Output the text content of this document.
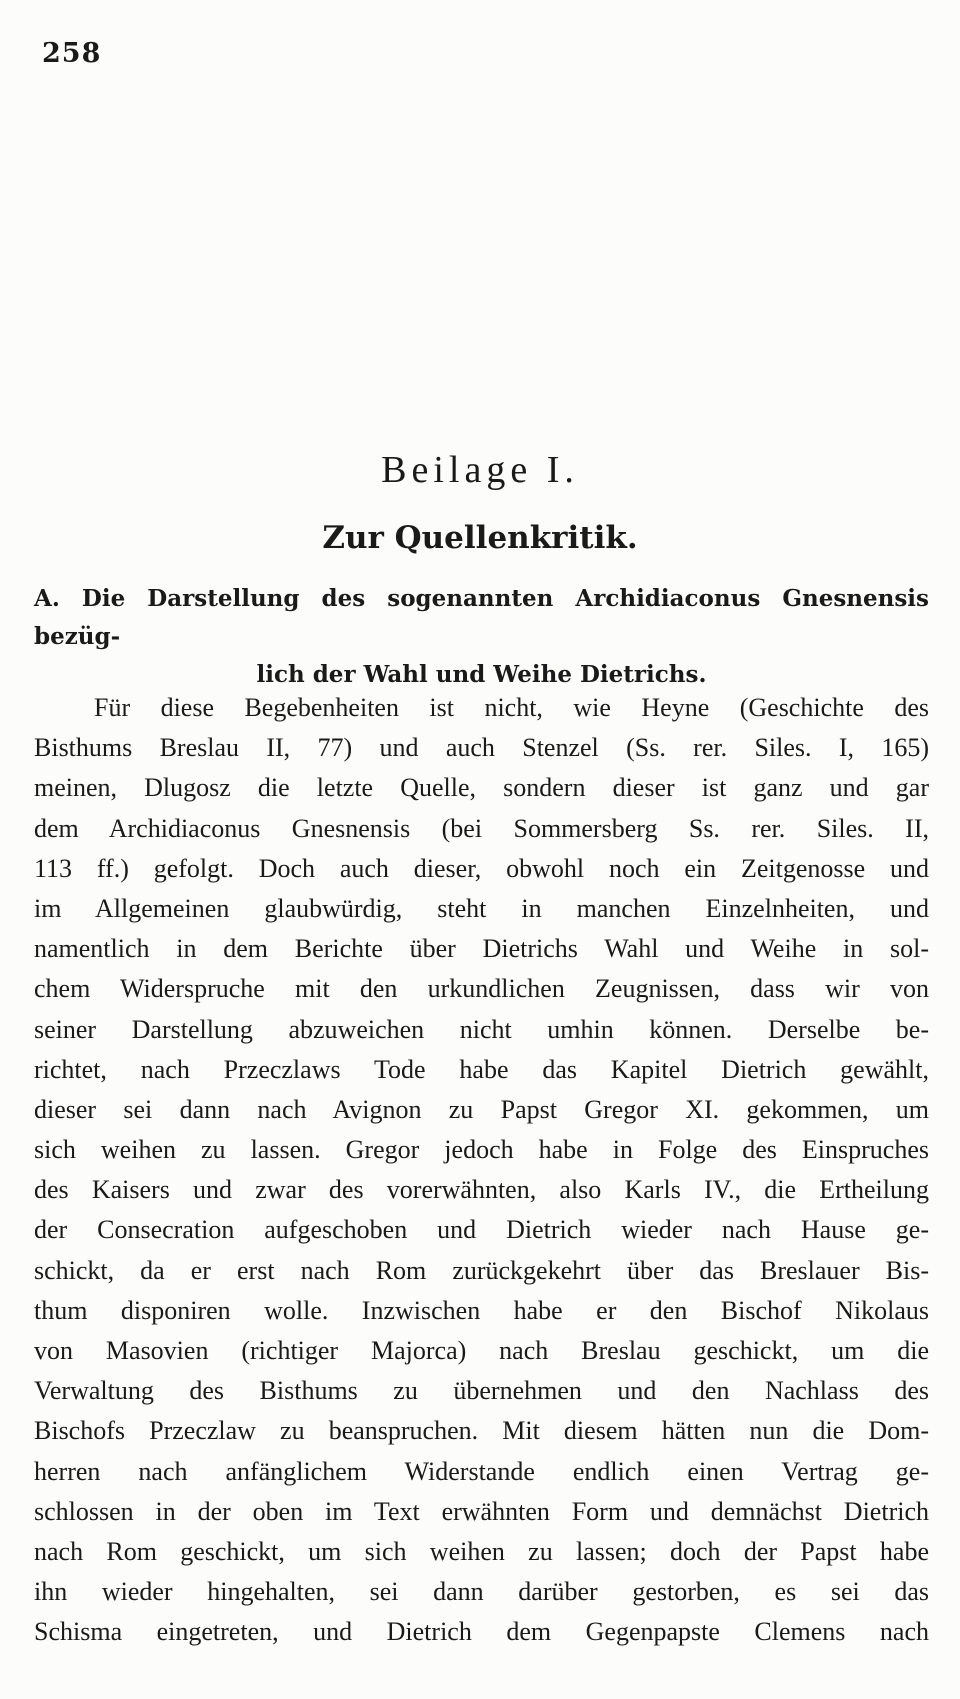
258
Beilage I.
Zur Quellenkritik.
A. Die Darstellung des sogenannten Archidiaconus Gnesnensis bezüg-
lich der Wahl und Weihe Dietrichs.
Für diese Begebenheiten ist nicht, wie Heyne (Geschichte des
Bisthums Breslau II, 77) und auch Stenzel (Ss. rer. Siles. I, 165)
meinen, Dlugosz die letzte Quelle, sondern dieser ist ganz und gar
dem Archidiaconus Gnesnensis (bei Sommersberg Ss. rer. Siles. II,
113 ff.) gefolgt. Doch auch dieser, obwohl noch ein Zeitgenosse und
im Allgemeinen glaubwürdig, steht in manchen Einzelnheiten, und
namentlich in dem Berichte über Dietrichs Wahl und Weihe in sol-
chem Widerspruche mit den urkundlichen Zeugnissen, dass wir von
seiner Darstellung abzuweichen nicht umhin können. Derselbe be-
richtet, nach Przeczlaws Tode habe das Kapitel Dietrich gewählt,
dieser sei dann nach Avignon zu Papst Gregor XI. gekommen, um
sich weihen zu lassen. Gregor jedoch habe in Folge des Einspruches
des Kaisers und zwar des vorerwähnten, also Karls IV., die Ertheilung
der Consecration aufgeschoben und Dietrich wieder nach Hause ge-
schickt, da er erst nach Rom zurückgekehrt über das Breslauer Bis-
thum disponiren wolle. Inzwischen habe er den Bischof Nikolaus
von Masovien (richtiger Majorca) nach Breslau geschickt, um die
Verwaltung des Bisthums zu übernehmen und den Nachlass des
Bischofs Przeczlaw zu beanspruchen. Mit diesem hätten nun die Dom-
herren nach anfänglichem Widerstande endlich einen Vertrag ge-
schlossen in der oben im Text erwähnten Form und demnächst Dietrich
nach Rom geschickt, um sich weihen zu lassen; doch der Papst habe
ihn wieder hingehalten, sei dann darüber gestorben, es sei das
Schisma eingetreten, und Dietrich dem Gegenpapste Clemens nach
